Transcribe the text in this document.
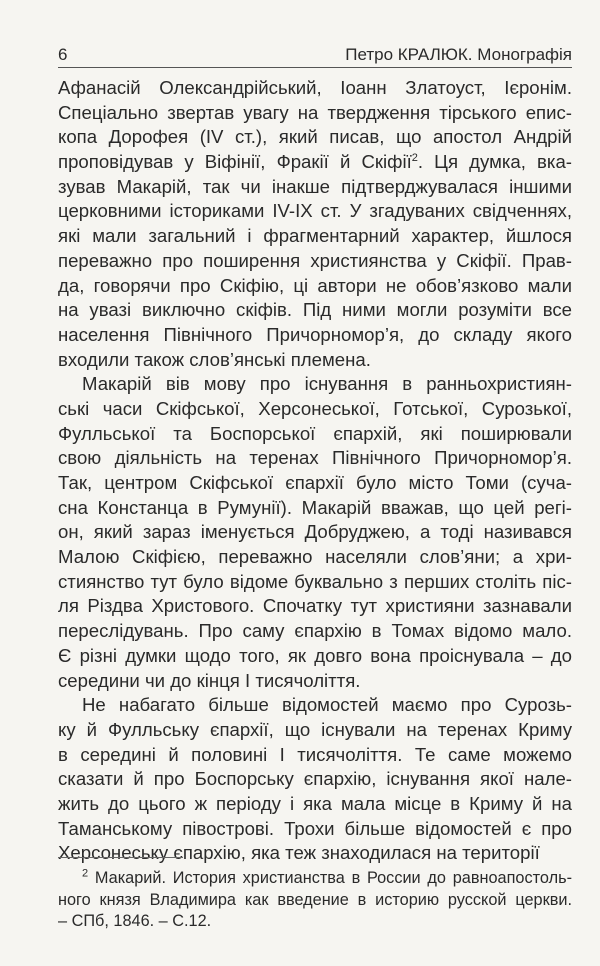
6	Петро КРАЛЮК. Монографія
Афанасій Олександрійський, Іоанн Златоуст, Ієронім.
Спеціально звертав увагу на твердження тірського епис-
копа Дорофея (IV ст.), який писав, що апостол Андрій
проповідував у Віфінії, Фракії й Скіфії$^2$. Ця думка, вка-
зував Макарій, так чи інакше підтверджувалася іншими
церковними істориками IV-IX ст. У згадуваних свідченнях,
які мали загальний і фрагментарний характер, йшлося
переважно про поширення християнства у Скіфії. Прав-
да, говорячи про Скіфію, ці автори не обов’язково мали
на увазі виключно скіфів. Під ними могли розуміти все
населення Північного Причорномор’я, до складу якого
входили також слов’янські племена.
Макарій вів мову про існування в ранньохристиян-
ські часи Скіфської, Херсонеської, Готської, Сурозької,
Фулльської та Боспорської єпархій, які поширювали
свою діяльність на теренах Північного Причорномор’я.
Так, центром Скіфської єпархії було місто Томи (суча-
сна Констанцa в Румунії). Макарій вважав, що цей регі-
он, який зараз іменується Добруджею, а тоді називався
Малою Скіфією, переважно населяли слов’яни; а хри-
стиянство тут було відоме буквально з перших століть піс-
ля Різдва Христового. Спочатку тут християни зазнавали
переслідувань. Про саму єпархію в Томах відомо мало.
Є різні думки щодо того, як довго вона проіснувала – до
середини чи до кінця І тисячоліття.
Не набагато більше відомостей маємо про Сурозь-
ку й Фулльську єпархії, що існували на теренах Криму
в середині й половині І тисячоліття. Те саме можемо
сказати й про Боспорську єпархію, існування якої нале-
жить до цього ж періоду і яка мала місце в Криму й на
Таманському півострові. Трохи більше відомостей є про
Херсонеську єпархію, яка теж знаходилася на території
$^2$ Макарий. История христианства в России до равноапостоль-
ного князя Владимира как введение в историю русской церкви.
– СПб, 1846. – С.12.
